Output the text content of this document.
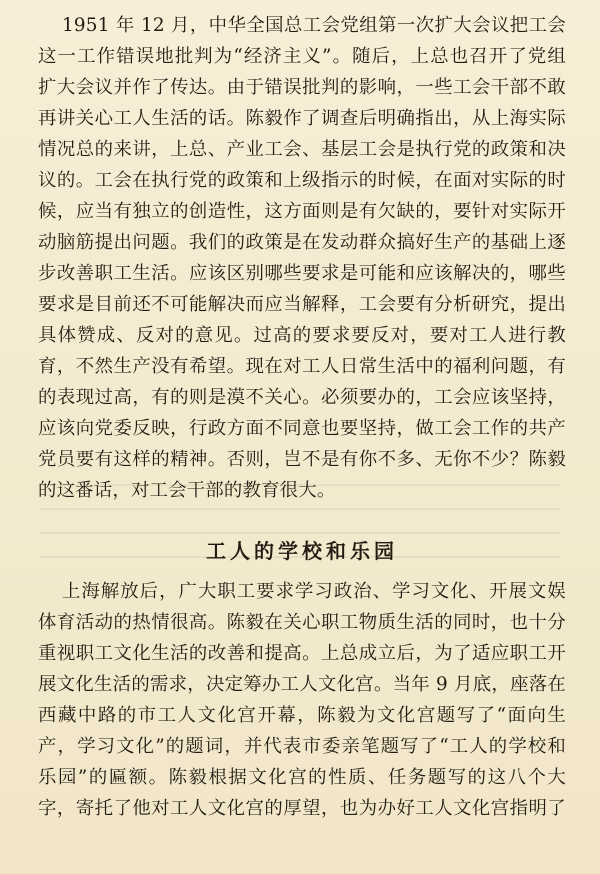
1951 年 12 月，中华全国总工会党组第一次扩大会议把工会
这一工作错误地批判为“经济主义”。随后，上总也召开了党组
扩大会议并作了传达。由于错误批判的影响，一些工会干部不敢
再讲关心工人生活的话。陈毅作了调查后明确指出，从上海实际
情况总的来讲，上总、产业工会、基层工会是执行党的政策和决
议的。工会在执行党的政策和上级指示的时候，在面对实际的时
候，应当有独立的创造性，这方面则是有欠缺的，要针对实际开
动脑筋提出问题。我们的政策是在发动群众搞好生产的基础上逐
步改善职工生活。应该区别哪些要求是可能和应该解决的，哪些
要求是目前还不可能解决而应当解释，工会要有分析研究，提出
具体赞成、反对的意见。过高的要求要反对，要对工人进行教
育，不然生产没有希望。现在对工人日常生活中的福利问题，有
的表现过高，有的则是漠不关心。必须要办的，工会应该坚持，
应该向党委反映，行政方面不同意也要坚持，做工会工作的共产
党员要有这样的精神。否则，岂不是有你不多、无你不少？陈毅
的这番话，对工会干部的教育很大。
工人的学校和乐园
上海解放后，广大职工要求学习政治、学习文化、开展文娱
体育活动的热情很高。陈毅在关心职工物质生活的同时，也十分
重视职工文化生活的改善和提高。上总成立后，为了适应职工开
展文化生活的需求，决定筹办工人文化宫。当年 9 月底，座落在
西藏中路的市工人文化宫开幕，陈毅为文化宫题写了“面向生
产，学习文化”的题词，并代表市委亲笔题写了“工人的学校和
乐园”的匾额。陈毅根据文化宫的性质、任务题写的这八个大
字，寄托了他对工人文化宫的厚望，也为办好工人文化宫指明了
